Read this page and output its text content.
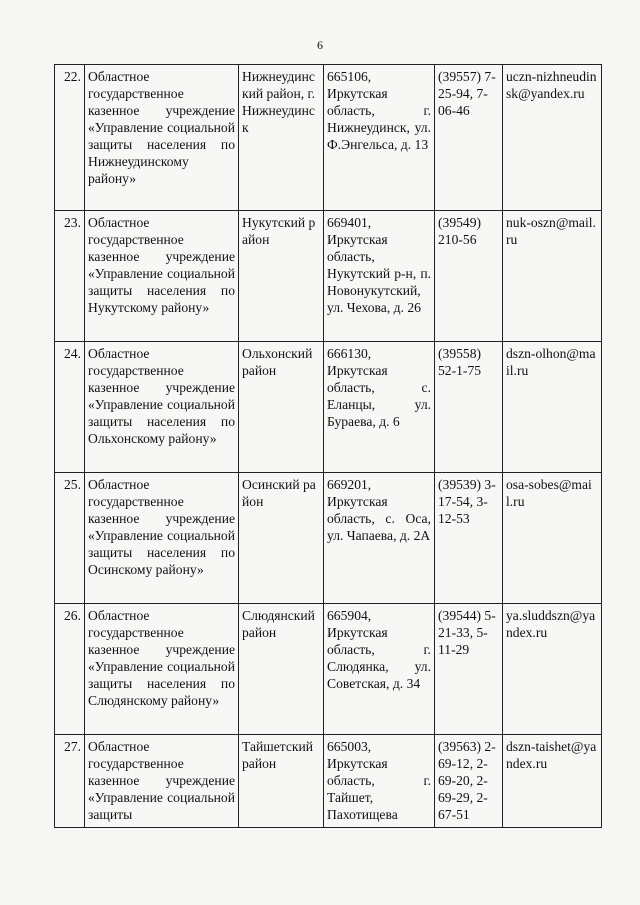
6
22.	Областное государственное казенное учреждение «Управление социальной защиты населения по Нижнеудинскому району»	Нижнеудинский район, г. Нижнеудинск	665106, Иркутская область, г. Нижнеудинск, ул. Ф.Энгельса, д. 13	(39557) 7-25-94, 7-06-46	uczn-nizhneudinsk@yandex.ru
23.	Областное государственное казенное учреждение «Управление социальной защиты населения по Нукутскому району»	Нукутский район	669401, Иркутская область, Нукутский р-н, п. Новонукутский, ул. Чехова, д. 26	(39549) 210-56	nuk-oszn@mail.ru
24.	Областное государственное казенное учреждение «Управление социальной защиты населения по Ольхонскому району»	Ольхонский район	666130, Иркутская область, с. Еланцы, ул. Бураева, д. 6	(39558) 52-1-75	dszn-olhon@mail.ru
25.	Областное государственное казенное учреждение «Управление социальной защиты населения по Осинскому району»	Осинский район	669201, Иркутская область, с. Оса, ул. Чапаева, д. 2А	(39539) 3-17-54, 3-12-53	osa-sobes@mail.ru
26.	Областное государственное казенное учреждение «Управление социальной защиты населения по Слюдянскому району»	Слюдянский район	665904, Иркутская область, г. Слюдянка, ул. Советская, д. 34	(39544) 5-21-33, 5-11-29	ya.sluddszn@yandex.ru
27.	Областное государственное казенное учреждение «Управление социальной защиты	Тайшетский район	665003, Иркутская область, г. Тайшет, Пахотищева	(39563) 2-69-12, 2-69-20, 2-69-29, 2-67-51	dszn-taishet@yandex.ru
